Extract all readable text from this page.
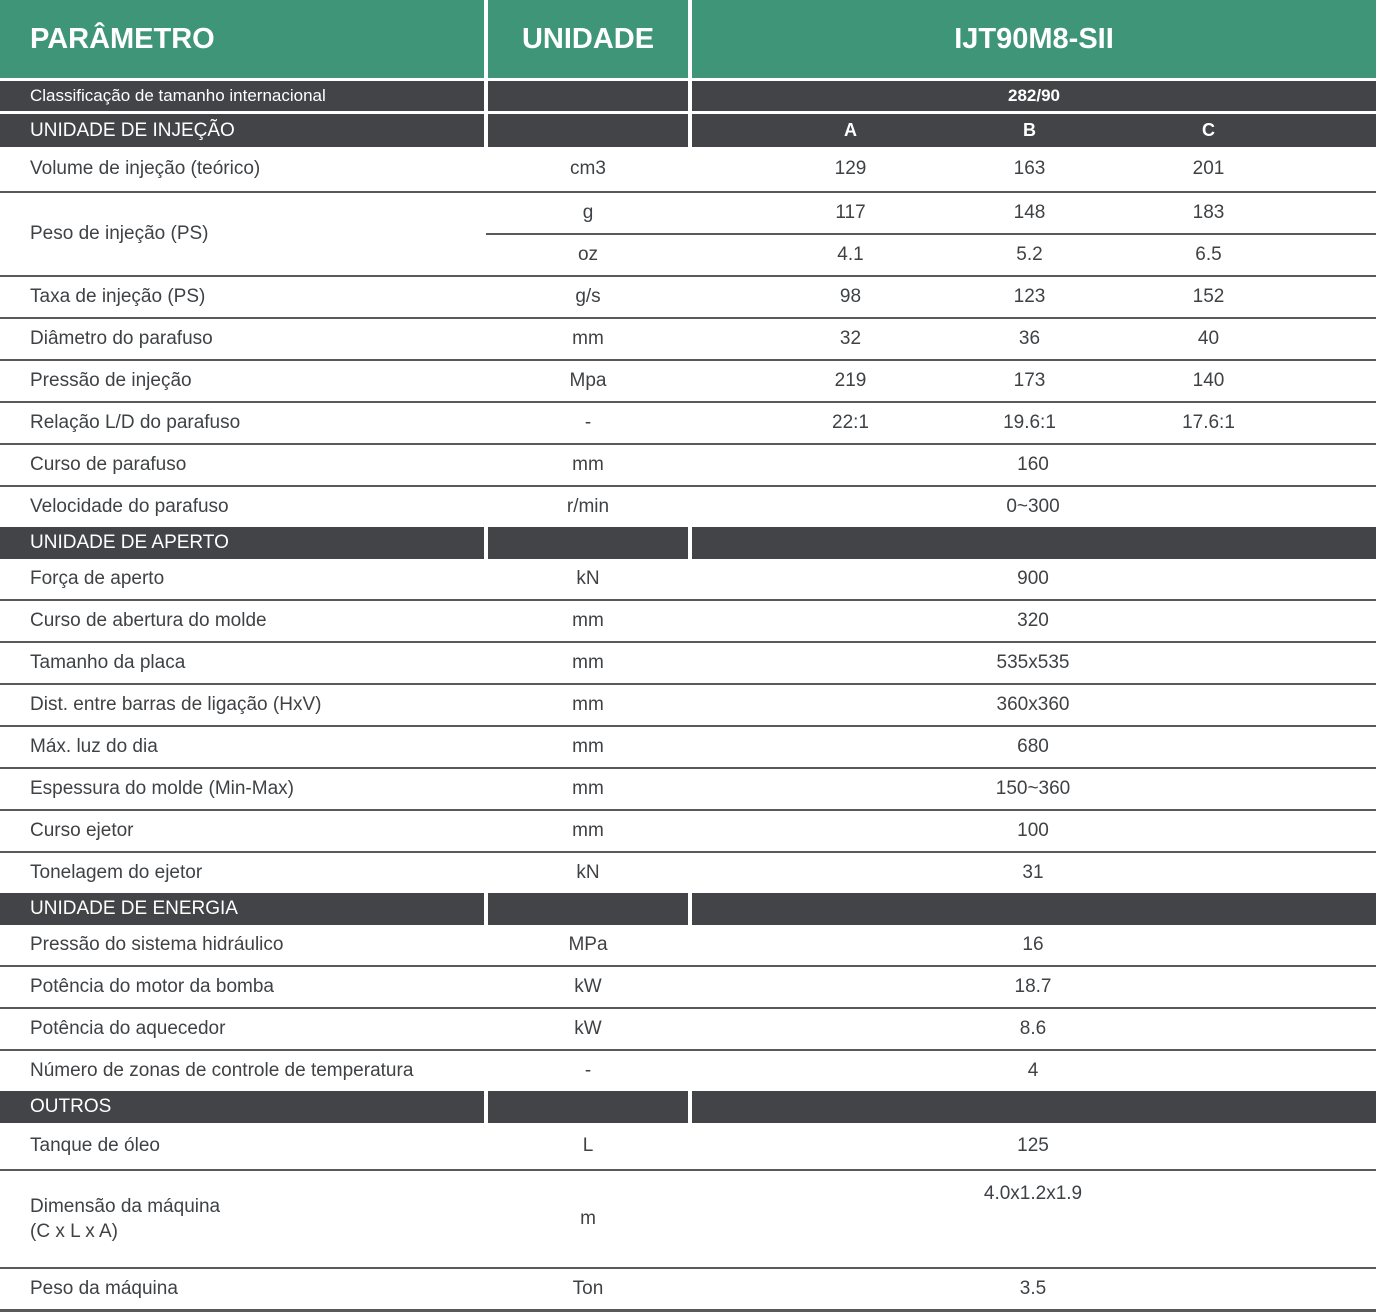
PARÂMETRO	UNIDADE	IJT90M8-SII				
Classificação de tamanho internacional		282/90				
UNIDADE DE INJEÇÃO			A	B	C	
Volume de injeção (teórico)	cm3		129	163	201	
Peso de injeção (PS)	g		117	148	183	
	oz		4.1	5.2	6.5	
Taxa de injeção (PS)	g/s		98	123	152	
Diâmetro do parafuso	mm		32	36	40	
Pressão de injeção	Mpa		219	173	140	
Relação L/D do parafuso	-		22:1	19.6:1	17.6:1	
Curso de parafuso	mm	160				
Velocidade do parafuso	r/min	0~300				
UNIDADE DE APERTO						
Força de aperto	kN	900				
Curso de abertura do molde	mm	320				
Tamanho da placa	mm	535x535				
Dist. entre barras de ligação (HxV)	mm	360x360				
Máx. luz do dia	mm	680				
Espessura do molde (Min-Max)	mm	150~360				
Curso ejetor	mm	100				
Tonelagem do ejetor	kN	31				
UNIDADE DE ENERGIA						
Pressão do sistema hidráulico	MPa	16				
Potência do motor da bomba	kW	18.7				
Potência do aquecedor	kW	8.6				
Número de zonas de controle de temperatura	-	4				
OUTROS						
Tanque de óleo	L	125				

Dimensão da máquina
(C x L x A)	m	4.0x1.2x1.9				
Peso da máquina	Ton	3.5				
